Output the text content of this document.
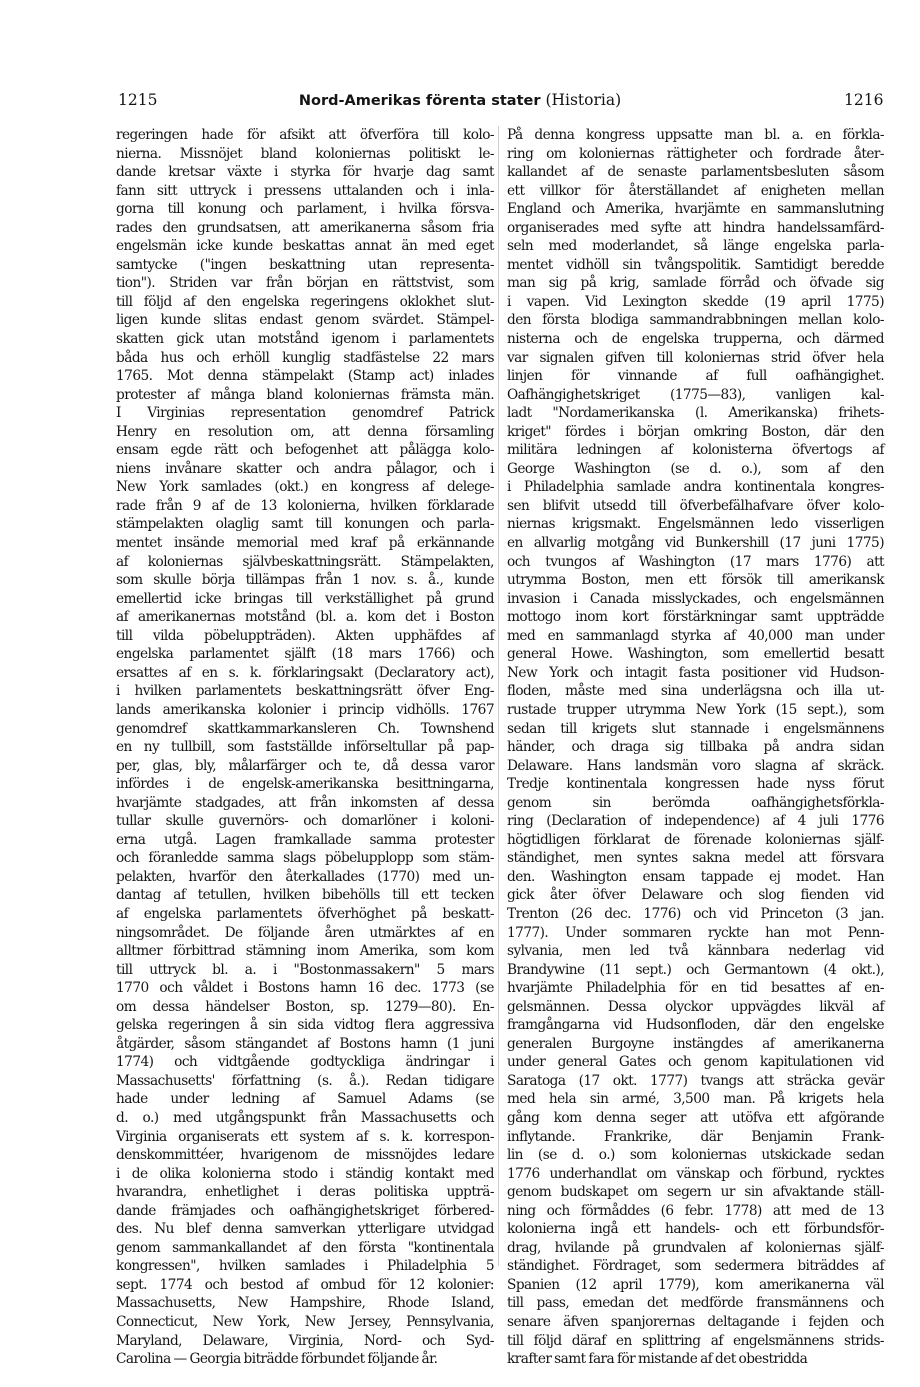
1215	Nord-Amerikas förenta stater (Historia)	1216
regeringen hade för afsikt att öfverföra till kolo-
nierna. Missnöjet bland koloniernas politiskt le-
dande kretsar växte i styrka för hvarje dag samt
fann sitt uttryck i pressens uttalanden och i inla-
gorna till konung och parlament, i hvilka försva-
rades den grundsatsen, att amerikanerna såsom fria
engelsmän icke kunde beskattas annat än med eget
samtycke ("ingen beskattning utan representa-
tion"). Striden var från början en rättstvist, som
till följd af den engelska regeringens oklokhet slut-
ligen kunde slitas endast genom svärdet. Stämpel-
skatten gick utan motstånd igenom i parlamentets
båda hus och erhöll kunglig stadfästelse 22 mars
1765. Mot denna stämpelakt (Stamp act) inlades
protester af många bland koloniernas främsta män.
I Virginias representation genomdref Patrick
Henry en resolution om, att denna församling
ensam egde rätt och befogenhet att pålägga kolo-
niens invånare skatter och andra pålagor, och i
New York samlades (okt.) en kongress af delege-
rade från 9 af de 13 kolonierna, hvilken förklarade
stämpelakten olaglig samt till konungen och parla-
mentet insände memorial med kraf på erkännande
af koloniernas självbeskattningsrätt. Stämpelakten,
som skulle börja tillämpas från 1 nov. s. å., kunde
emellertid icke bringas till verkställighet på grund
af amerikanernas motstånd (bl. a. kom det i Boston
till vilda pöbeluppträden). Akten upphäfdes af
engelska parlamentet själft (18 mars 1766) och
ersattes af en s. k. förklaringsakt (Declaratory act),
i hvilken parlamentets beskattningsrätt öfver Eng-
lands amerikanska kolonier i princip vidhölls. 1767
genomdref skattkammarkansleren Ch. Townshend
en ny tullbill, som fastställde införseltullar på pap-
per, glas, bly, målarfärger och te, då dessa varor
infördes i de engelsk-amerikanska besittningarna,
hvarjämte stadgades, att från inkomsten af dessa
tullar skulle guvernörs- och domarlöner i koloni-
erna utgå. Lagen framkallade samma protester
och föranledde samma slags pöbelupplopp som stäm-
pelakten, hvarför den återkallades (1770) med un-
dantag af tetullen, hvilken bibehölls till ett tecken
af engelska parlamentets öfverhöghet på beskatt-
ningsområdet. De följande åren utmärktes af en
alltmer förbittrad stämning inom Amerika, som kom
till uttryck bl. a. i "Bostonmassakern" 5 mars
1770 och våldet i Bostons hamn 16 dec. 1773 (se
om dessa händelser Boston, sp. 1279—80). En-
gelska regeringen å sin sida vidtog flera aggressiva
åtgärder, såsom stängandet af Bostons hamn (1 juni
1774) och vidtgående godtyckliga ändringar i
Massachusetts' författning (s. å.). Redan tidigare
hade under ledning af Samuel Adams (se
d. o.) med utgångspunkt från Massachusetts och
Virginia organiserats ett system af s. k. korrespon-
denskommittéer, hvarigenom de missnöjdes ledare
i de olika kolonierna stodo i ständig kontakt med
hvarandra, enhetlighet i deras politiska uppträ-
dande främjades och oafhängighetskriget förbered-
des. Nu blef denna samverkan ytterligare utvidgad
genom sammankallandet af den första "kontinentala
kongressen", hvilken samlades i Philadelphia 5
sept. 1774 och bestod af ombud för 12 kolonier:
Massachusetts, New Hampshire, Rhode Island,
Connecticut, New York, New Jersey, Pennsylvania,
Maryland, Delaware, Virginia, Nord- och Syd-
Carolina — Georgia biträdde förbundet följande år.
På denna kongress uppsatte man bl. a. en förkla-
ring om koloniernas rättigheter och fordrade åter-
kallandet af de senaste parlamentsbesluten såsom
ett villkor för återställandet af enigheten mellan
England och Amerika, hvarjämte en sammanslutning
organiserades med syfte att hindra handelssamfärd-
seln med moderlandet, så länge engelska parla-
mentet vidhöll sin tvångspolitik. Samtidigt beredde
man sig på krig, samlade förråd och öfvade sig
i vapen. Vid Lexington skedde (19 april 1775)
den första blodiga sammandrabbningen mellan kolo-
nisterna och de engelska trupperna, och därmed
var signalen gifven till koloniernas strid öfver hela
linjen för vinnande af full oafhängighet.
Oafhängighetskriget (1775—83), vanligen kal-
ladt "Nordamerikanska (l. Amerikanska) frihets-
kriget" fördes i början omkring Boston, där den
militära ledningen af kolonisterna öfvertogs af
George Washington (se d. o.), som af den
i Philadelphia samlade andra kontinentala kongres-
sen blifvit utsedd till öfverbefälhafvare öfver kolo-
niernas krigsmakt. Engelsmännen ledo visserligen
en allvarlig motgång vid Bunkershill (17 juni 1775)
och tvungos af Washington (17 mars 1776) att
utrymma Boston, men ett försök till amerikansk
invasion i Canada misslyckades, och engelsmännen
mottogo inom kort förstärkningar samt uppträdde
med en sammanlagd styrka af 40,000 man under
general Howe. Washington, som emellertid besatt
New York och intagit fasta positioner vid Hudson-
floden, måste med sina underlägsna och illa ut-
rustade trupper utrymma New York (15 sept.), som
sedan till krigets slut stannade i engelsmännens
händer, och draga sig tillbaka på andra sidan
Delaware. Hans landsmän voro slagna af skräck.
Tredje kontinentala kongressen hade nyss förut
genom sin berömda oafhängighetsförkla-
ring (Declaration of independence) af 4 juli 1776
högtidligen förklarat de förenade koloniernas själf-
ständighet, men syntes sakna medel att försvara
den. Washington ensam tappade ej modet. Han
gick åter öfver Delaware och slog fienden vid
Trenton (26 dec. 1776) och vid Princeton (3 jan.
1777). Under sommaren ryckte han mot Penn-
sylvania, men led två kännbara nederlag vid
Brandywine (11 sept.) och Germantown (4 okt.),
hvarjämte Philadelphia för en tid besattes af en-
gelsmännen. Dessa olyckor uppvägdes likväl af
framgångarna vid Hudsonfloden, där den engelske
generalen Burgoyne instängdes af amerikanerna
under general Gates och genom kapitulationen vid
Saratoga (17 okt. 1777) tvangs att sträcka gevär
med hela sin armé, 3,500 man. På krigets hela
gång kom denna seger att utöfva ett afgörande
inflytande. Frankrike, där Benjamin Frank-
lin (se d. o.) som koloniernas utskickade sedan
1776 underhandlat om vänskap och förbund, rycktes
genom budskapet om segern ur sin afvaktande ställ-
ning och förmåddes (6 febr. 1778) att med de 13
kolonierna ingå ett handels- och ett förbundsför-
drag, hvilande på grundvalen af koloniernas själf-
ständighet. Fördraget, som sedermera biträddes af
Spanien (12 april 1779), kom amerikanerna väl
till pass, emedan det medförde fransmännens och
senare äfven spanjorernas deltagande i fejden och
till följd däraf en splittring af engelsmännens strids-
krafter samt fara för mistande af det obestridda
